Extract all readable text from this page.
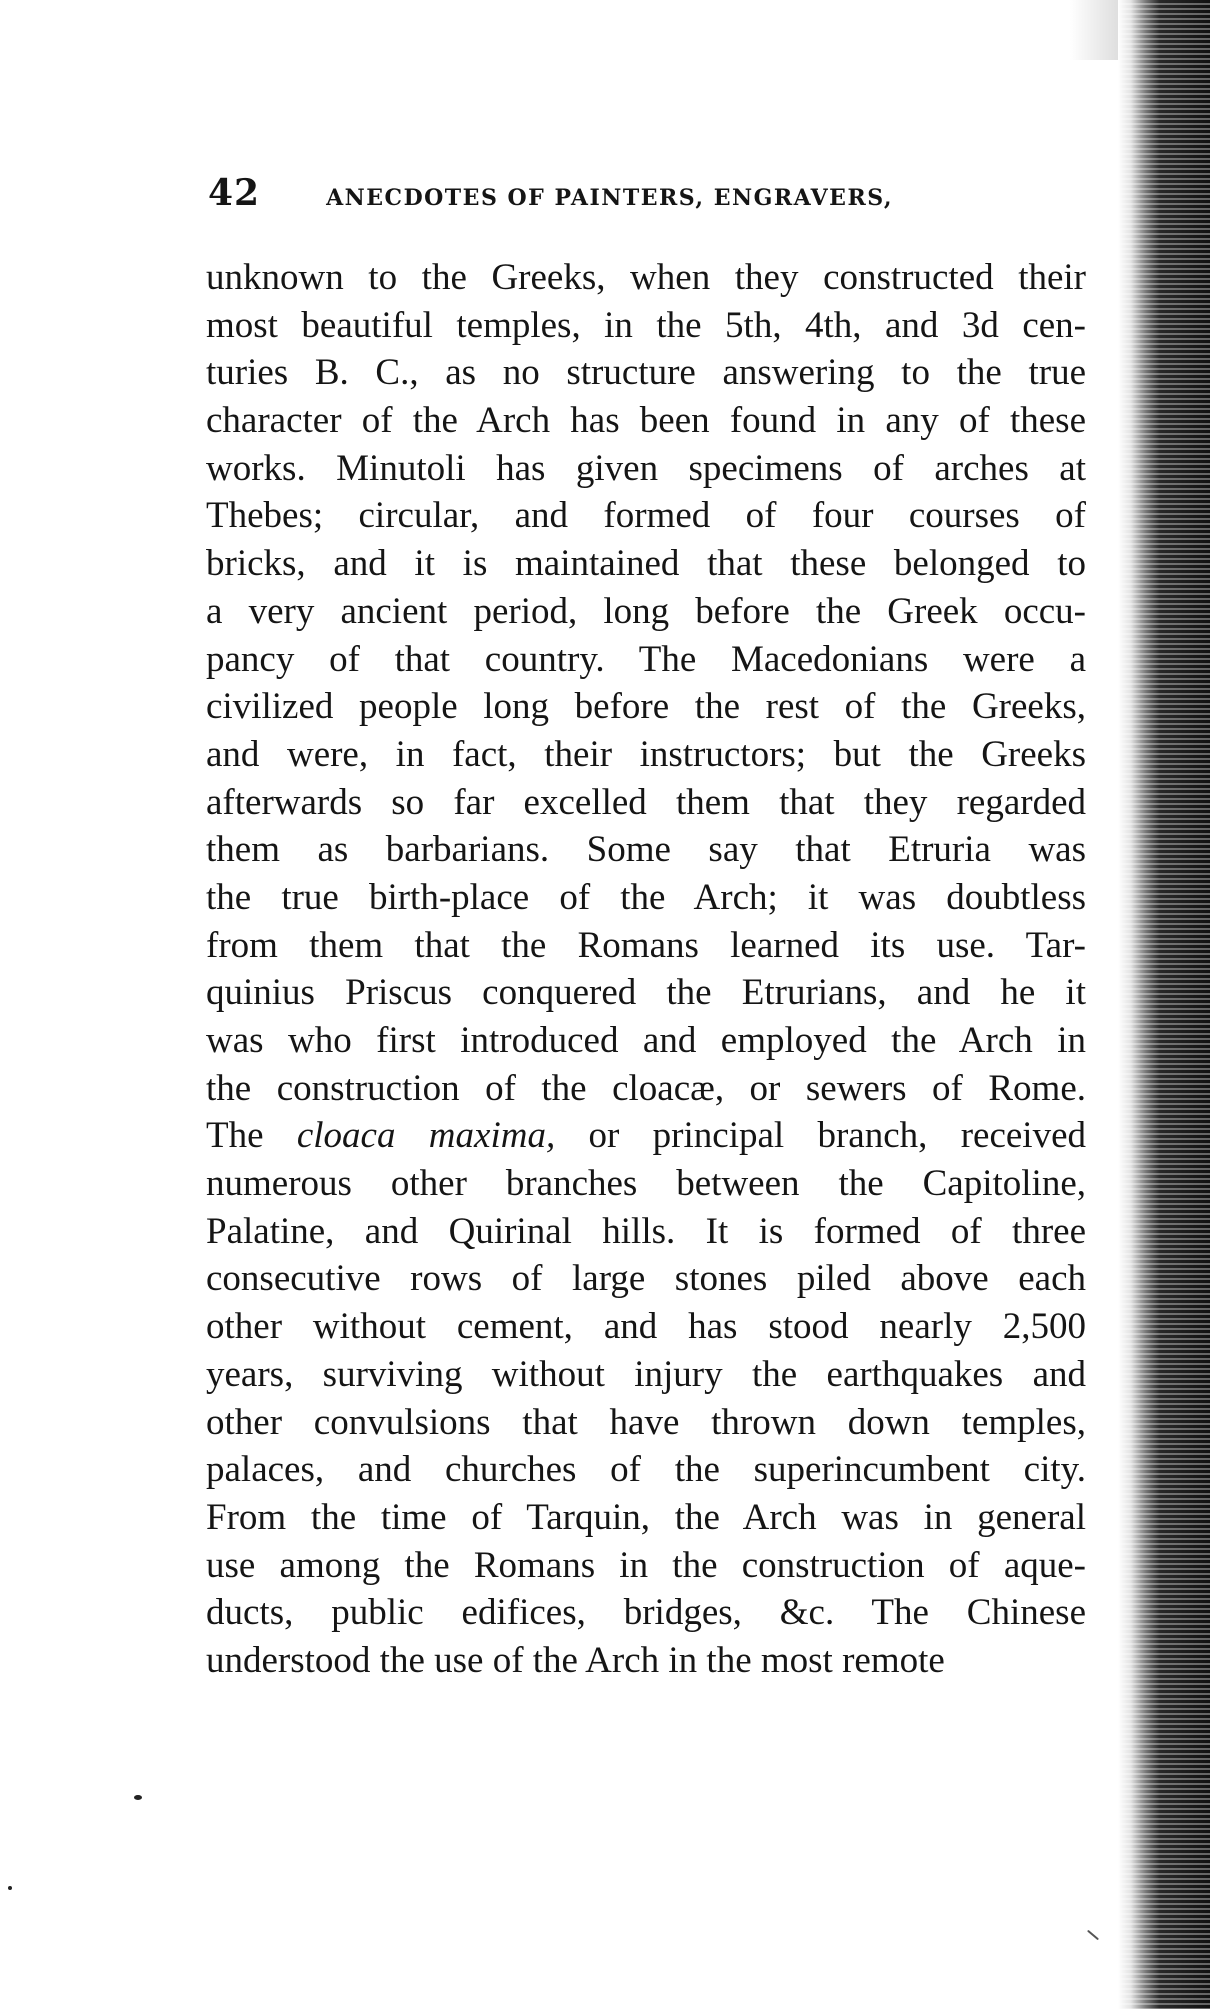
42	ANECDOTES OF PAINTERS, ENGRAVERS,
unknown to the Greeks, when they constructed their
most beautiful temples, in the 5th, 4th, and 3d cen-
turies B. C., as no structure answering to the true
character of the Arch has been found in any of these
works. Minutoli has given specimens of arches at
Thebes; circular, and formed of four courses of
bricks, and it is maintained that these belonged to
a very ancient period, long before the Greek occu-
pancy of that country. The Macedonians were a
civilized people long before the rest of the Greeks,
and were, in fact, their instructors; but the Greeks
afterwards so far excelled them that they regarded
them as barbarians. Some say that Etruria was
the true birth-place of the Arch; it was doubtless
from them that the Romans learned its use. Tar-
quinius Priscus conquered the Etrurians, and he it
was who first introduced and employed the Arch in
the construction of the cloacæ, or sewers of Rome.
The cloaca maxima, or principal branch, received
numerous other branches between the Capitoline,
Palatine, and Quirinal hills. It is formed of three
consecutive rows of large stones piled above each
other without cement, and has stood nearly 2,500
years, surviving without injury the earthquakes and
other convulsions that have thrown down temples,
palaces, and churches of the superincumbent city.
From the time of Tarquin, the Arch was in general
use among the Romans in the construction of aque-
ducts, public edifices, bridges, &c. The Chinese
understood the use of the Arch in the most remote
